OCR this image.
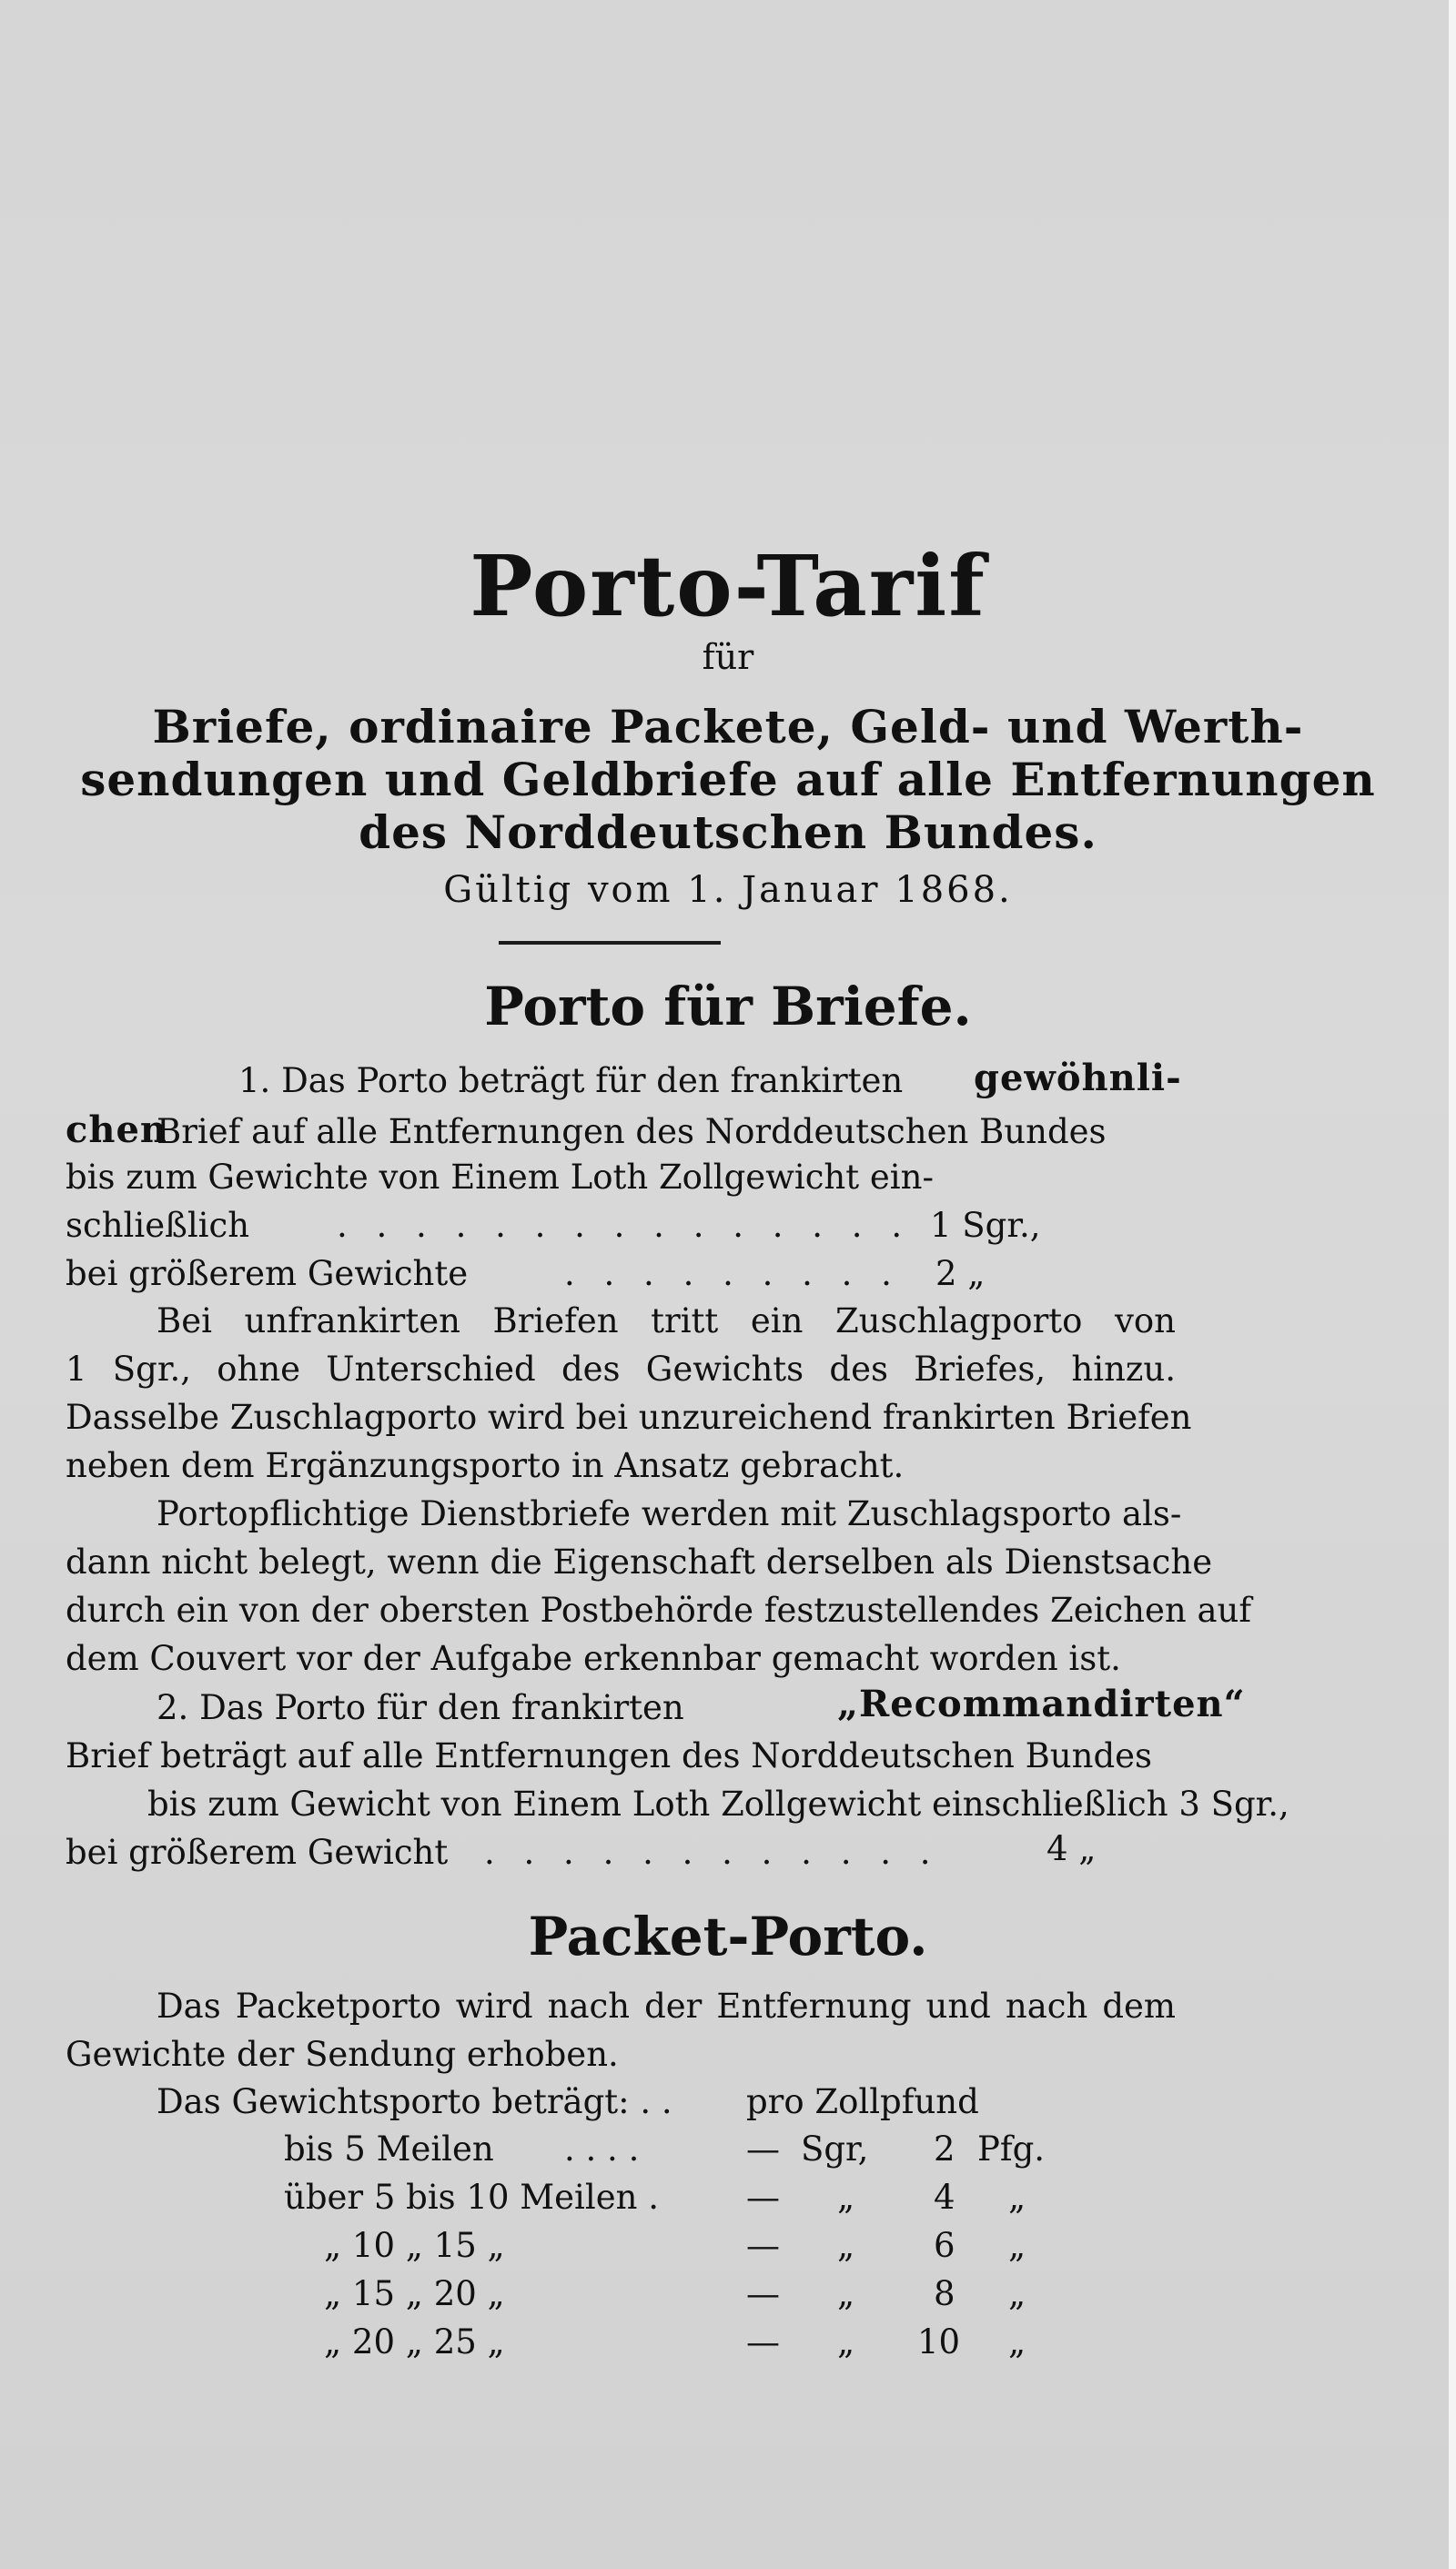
Porto-Tarif
für
Briefe, ordinaire Packete, Geld- und Werth-
sendungen und Geldbriefe auf alle Entfernungen
des Norddeutschen Bundes.
Gültig vom 1. Januar 1868.
Porto für Briefe.
1. Das Porto beträgt für den frankirten gewöhnli-
chen
Brief auf alle Entfernungen des Norddeutschen Bundes
bis zum Gewichte von Einem Loth Zollgewicht ein-
schließlich	. . . . . . . . . . . . . . . 1 Sgr.,
bei größerem Gewichte	. . . . . . . . . 2 „
Bei unfrankirten Briefen tritt ein Zuschlagporto von
1 Sgr., ohne Unterschied des Gewichts des Briefes, hinzu.
Dasselbe Zuschlagporto wird bei unzureichend frankirten Briefen
neben dem Ergänzungsporto in Ansatz gebracht.
Portopflichtige Dienstbriefe werden mit Zuschlagsporto als-
dann nicht belegt, wenn die Eigenschaft derselben als Dienstsache
durch ein von der obersten Postbehörde festzustellendes Zeichen auf
dem Couvert vor der Aufgabe erkennbar gemacht worden ist.
2. Das Porto für den frankirten	„Recommandirten“
Brief beträgt auf alle Entfernungen des Norddeutschen Bundes
bis zum Gewicht von Einem Loth Zollgewicht einschließlich 3 Sgr.,
bei größerem Gewicht . . . . . . . . . . . .	4 „
Packet-Porto.
Das Packetporto wird nach der Entfernung und nach dem
Gewichte der Sendung erhoben.
Das Gewichtsporto beträgt: . . pro Zollpfund
bis 5 Meilen . . . .	— Sgr, 2 Pfg.
über 5 bis 10 Meilen .	— „ 4 „
„ 10 „ 15 „	— „ 6 „
„ 15 „ 20 „	— „ 8 „
„ 20 „ 25 „	— „ 10 „
